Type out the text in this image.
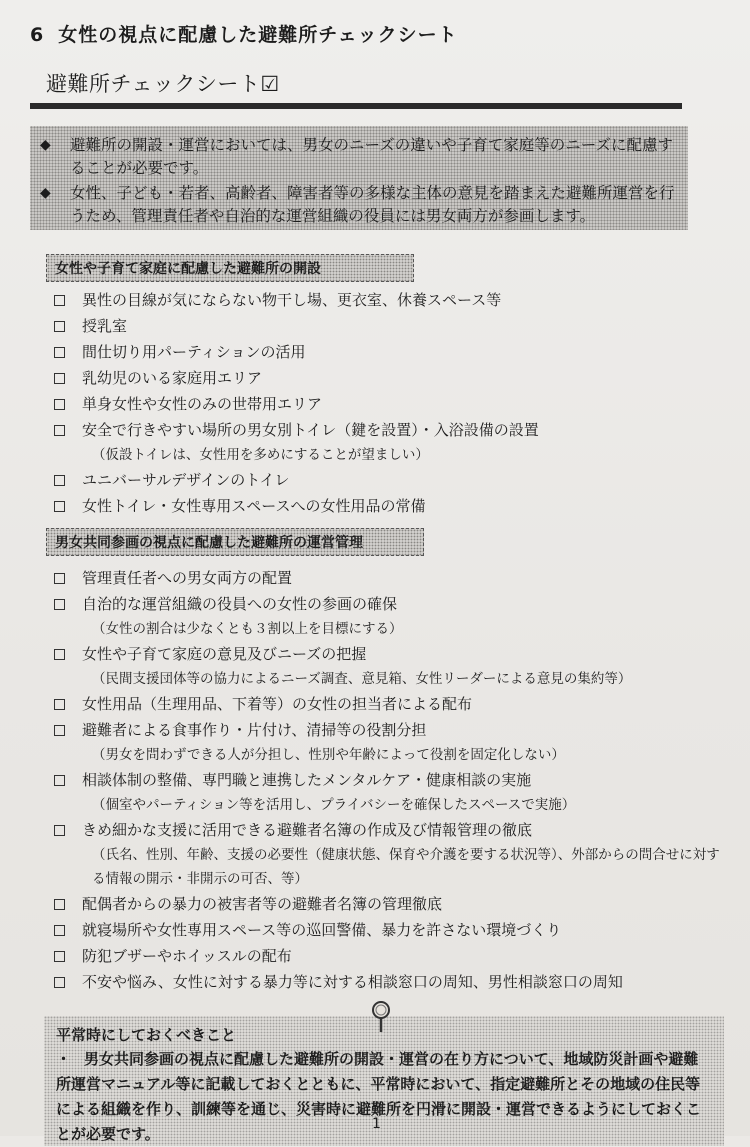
6 女性の視点に配慮した避難所チェックシート
避難所チェックシート☑
◆ 避難所の開設・運営においては、男女のニーズの違いや子育て家庭等のニーズに配慮することが必要です。
◆ 女性、子ども・若者、高齢者、障害者等の多様な主体の意見を踏まえた避難所運営を行うため、管理責任者や自治的な運営組織の役員には男女両方が参画します。
女性や子育て家庭に配慮した避難所の開設
異性の目線が気にならない物干し場、更衣室、休養スペース等
授乳室
間仕切り用パーティションの活用
乳幼児のいる家庭用エリア
単身女性や女性のみの世帯用エリア
安全で行きやすい場所の男女別トイレ（鍵を設置）・入浴設備の設置
（仮設トイレは、女性用を多めにすることが望ましい）
ユニバーサルデザインのトイレ
女性トイレ・女性専用スペースへの女性用品の常備
男女共同参画の視点に配慮した避難所の運営管理
管理責任者への男女両方の配置
自治的な運営組織の役員への女性の参画の確保
（女性の割合は少なくとも３割以上を目標にする）
女性や子育て家庭の意見及びニーズの把握
（民間支援団体等の協力によるニーズ調査、意見箱、女性リーダーによる意見の集約等）
女性用品（生理用品、下着等）の女性の担当者による配布
避難者による食事作り・片付け、清掃等の役割分担
（男女を問わずできる人が分担し、性別や年齢によって役割を固定化しない）
相談体制の整備、専門職と連携したメンタルケア・健康相談の実施
（個室やパーティション等を活用し、プライバシーを確保したスペースで実施）
きめ細かな支援に活用できる避難者名簿の作成及び情報管理の徹底
（氏名、性別、年齢、支援の必要性（健康状態、保育や介護を要する状況等）、外部からの問合せに対する情報の開示・非開示の可否、等）
配偶者からの暴力の被害者等の避難者名簿の管理徹底
就寝場所や女性専用スペース等の巡回警備、暴力を許さない環境づくり
防犯ブザーやホイッスルの配布
不安や悩み、女性に対する暴力等に対する相談窓口の周知、男性相談窓口の周知
平常時にしておくべきこと
・ 男女共同参画の視点に配慮した避難所の開設・運営の在り方について、地域防災計画や避難所運営マニュアル等に記載しておくとともに、平常時において、指定避難所とその地域の住民等による組織を作り、訓練等を通じ、災害時に避難所を円滑に開設・運営できるようにしておくことが必要です。
1
